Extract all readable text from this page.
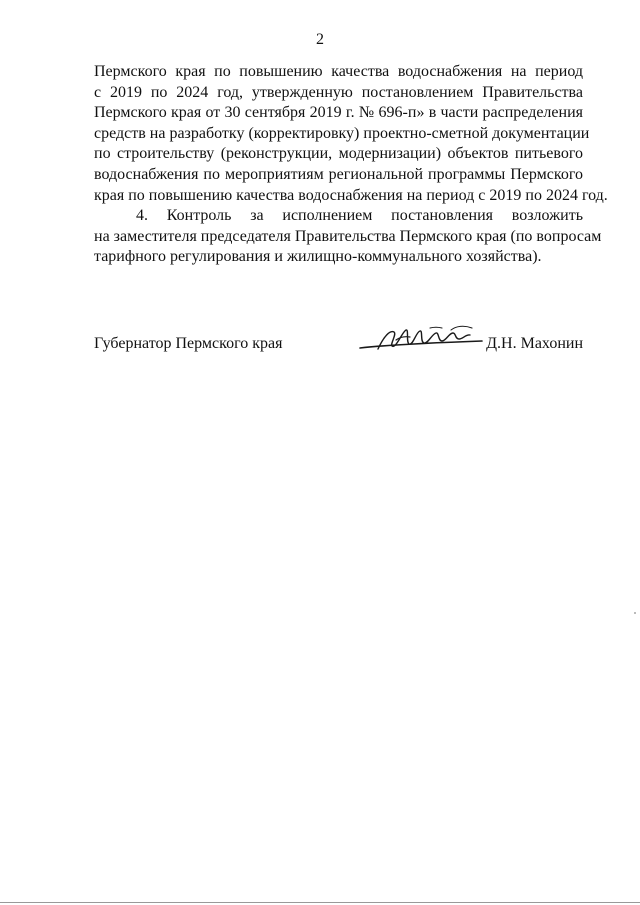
2
Пермского края по повышению качества водоснабжения на период
с 2019 по 2024 год, утвержденную постановлением Правительства
Пермского края от 30 сентября 2019 г. № 696-п» в части распределения
средств на разработку (корректировку) проектно-сметной документации
по строительству (реконструкции, модернизации) объектов питьевого
водоснабжения по мероприятиям региональной программы Пермского
края по повышению качества водоснабжения на период с 2019 по 2024 год.
4. Контроль за исполнением постановления возложить
на заместителя председателя Правительства Пермского края (по вопросам
тарифного регулирования и жилищно-коммунального хозяйства).
Губернатор Пермского края	Д.Н. Махонин
